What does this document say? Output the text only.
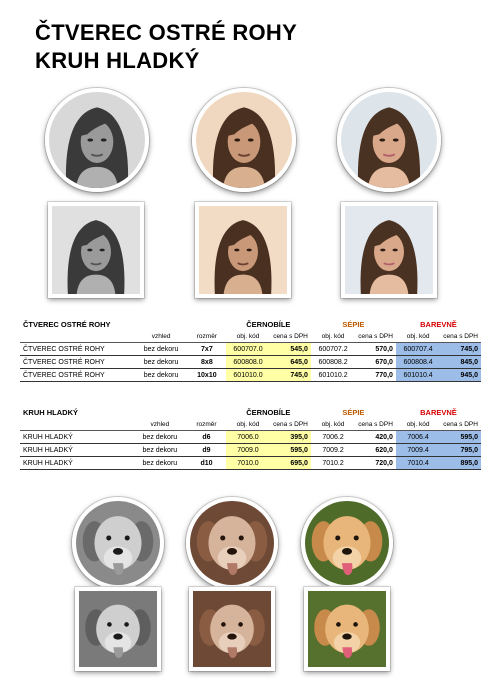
ČTVEREC OSTRÉ ROHY
KRUH HLADKÝ
ČTVEREC OSTRÉ ROHY			ČERNOBÍLE		SÉPIE		BAREVNĚ	
	vzhled	rozměr	obj. kód	cena s DPH	obj. kód	cena s DPH	obj. kód	cena s DPH
ČTVEREC OSTRÉ ROHY	bez dekoru	7x7	600707.0	545,0	600707.2	570,0	600707.4	745,0
ČTVEREC OSTRÉ ROHY	bez dekoru	8x8	600808.0	645,0	600808.2	670,0	600808.4	845,0
ČTVEREC OSTRÉ ROHY	bez dekoru	10x10	601010.0	745,0	601010.2	770,0	601010.4	945,0
KRUH HLADKÝ			ČERNOBÍLE		SÉPIE		BAREVNĚ	
	vzhled	rozměr	obj. kód	cena s DPH	obj. kód	cena s DPH	obj. kód	cena s DPH
KRUH HLADKÝ	bez dekoru	d6	7006.0	395,0	7006.2	420,0	7006.4	595,0
KRUH HLADKÝ	bez dekoru	d9	7009.0	595,0	7009.2	620,0	7009.4	795,0
KRUH HLADKÝ	bez dekoru	d10	7010.0	695,0	7010.2	720,0	7010.4	895,0
